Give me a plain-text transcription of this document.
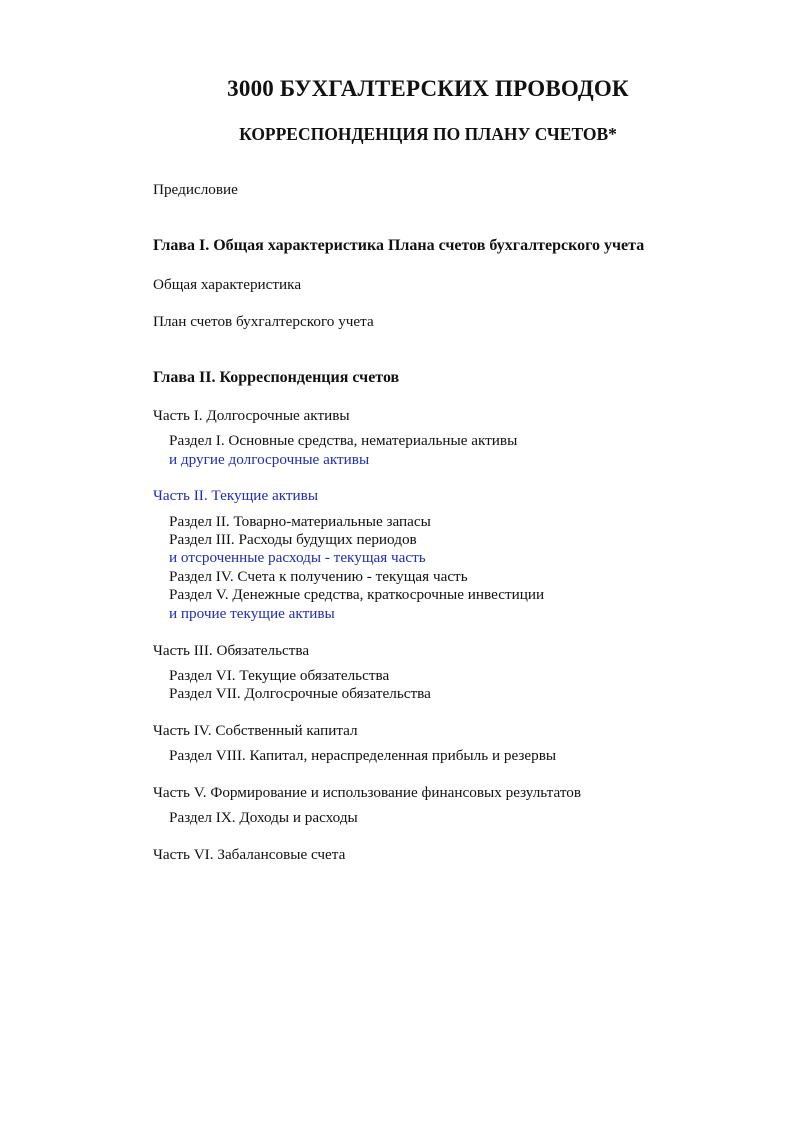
3000 БУХГАЛТЕРСКИХ ПРОВОДОК
КОРРЕСПОНДЕНЦИЯ ПО ПЛАНУ СЧЕТОВ*
Предисловие
Глава I. Общая характеристика Плана счетов бухгалтерского учета
Общая характеристика
План счетов бухгалтерского учета
Глава II. Корреспонденция счетов
Часть I. Долгосрочные активы
Раздел I. Основные средства, нематериальные активы
и другие долгосрочные активы
Часть II. Текущие активы
Раздел II. Товарно-материальные запасы
Раздел III. Расходы будущих периодов
и отсроченные расходы - текущая часть
Раздел IV. Счета к получению - текущая часть
Раздел V. Денежные средства, краткосрочные инвестиции
и прочие текущие активы
Часть III. Обязательства
Раздел VI. Текущие обязательства
Раздел VII. Долгосрочные обязательства
Часть IV. Собственный капитал
Раздел VIII. Капитал, нераспределенная прибыль и резервы
Часть V. Формирование и использование финансовых результатов
Раздел IX. Доходы и расходы
Часть VI. Забалансовые счета
